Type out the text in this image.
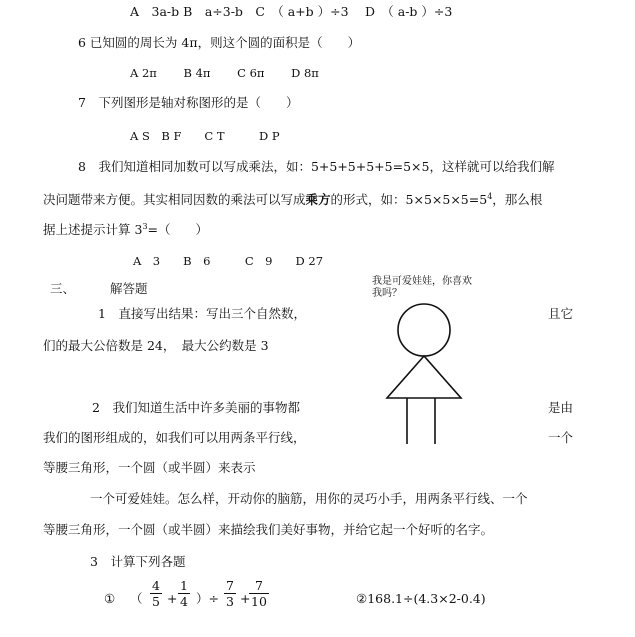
A　3a-b B　a÷3-b　C　（ a+b ）÷3　 D　（ a-b ）÷3
6 已知圆的周长为 4π，则这个圆的面积是（　　）
A 2π　　 B 4π　　 C 6π　　 D 8π
7　下列图形是轴对称图形的是（　　）
A S　B F　　C T　　　D P
8　我们知道相同加数可以写成乘法，如：5+5+5+5+5=5×5，这样就可以给我们解
决问题带来方便。其实相同因数的乘法可以写成乘方的形式，如：$5\times 5\times 5\times 5=5^4$，那么根
据上述提示计算 $3^3=$（　　）
A　3　　B　6　　　C　9　　D 27
三、	解答题	我是可爱娃娃，你喜欢
我吗？
1　直接写出结果：写出三个自然数，	且它
们的最大公倍数是 24，　最大公约数是 3
2　我们知道生活中许多美丽的事物都	是由
我们的图形组成的，如我们可以用两条平行线，	一个
等腰三角形，一个圆（或半圆）来表示
一个可爱娃娃。怎么样，开动你的脑筋，用你的灵巧小手，用两条平行线、一个
等腰三角形，一个圆（或半圆）来描绘我们美好事物，并给它起一个好听的名字。
3　计算下列各题
① （ $\frac{4}{5} + \frac{1}{4}$ ）÷ $\frac{7}{3}$ +
$\frac{7}{10}$	②168.1÷(4.3×2-0.4)
